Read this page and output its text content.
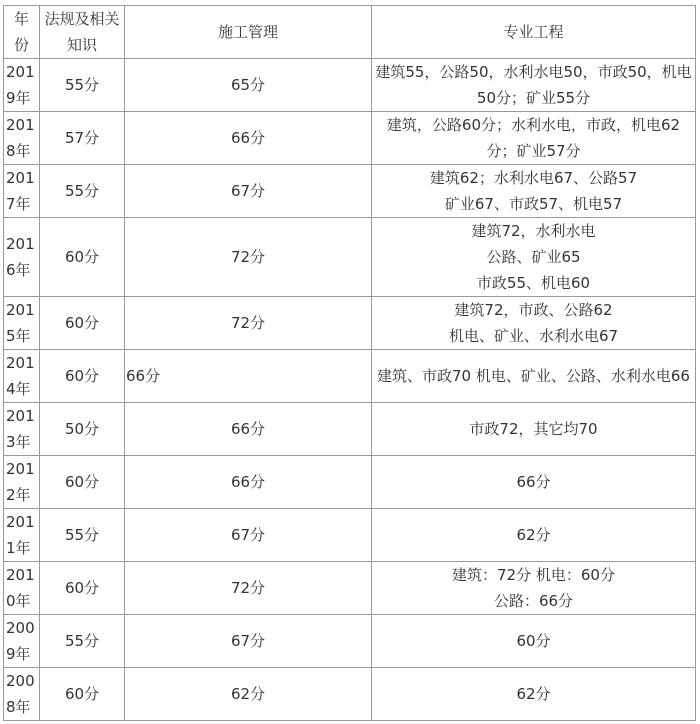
年份	法规及相关知识	施工管理	专业工程
2019年	55分	65分	建筑55，公路50，水利水电50，市政50，机电50分；矿业55分
2018年	57分	66分	建筑，公路60分；水利水电，市政，机电62分；矿业57分
2017年	55分	67分	建筑62；水利水电67、公路57
矿业67、市政57、机电57
2016年	60分	72分	建筑72，水利水电
公路、矿业65
市政55、机电60
2015年	60分	72分	建筑72，市政、公路62
机电、矿业、水利水电67
2014年	60分	66分	建筑、市政70 机电、矿业、公路、水利水电66
2013年	50分	66分	市政72，其它均70
2012年	60分	66分	66分
2011年	55分	67分	62分
2010年	60分	72分	建筑：72分 机电：60分
公路：66分
2009年	55分	67分	60分
2008年	60分	62分	62分
